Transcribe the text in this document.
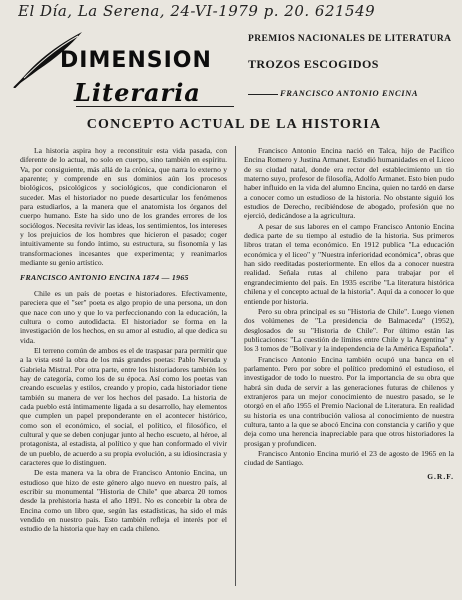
El Día, La Serena, 24-VI-1979 p. 20. 621549
DIMENSION
Literaria
PREMIOS NACIONALES DE LITERATURA
TROZOS ESCOGIDOS
FRANCISCO ANTONIO ENCINA
CONCEPTO ACTUAL DE LA HISTORIA

La historia aspira hoy a reconstituir esta vida pasada, con diferente de lo actual, no solo en cuerpo, sino también en espíritu. Va, por consiguiente, más allá de la crónica, que narra lo externo y aparente; y comprende en sus dominios aún los procesos biológicos, psicológicos y sociológicos, que condicionaron el suceder. Mas el historiador no puede desarticular los fenómenos para estudiarlos, a la manera que el anatomista los órganos del cuerpo humano. Este ha sido uno de los grandes errores de los sociólogos. Necesita revivir las ideas, los sentimientos, los intereses y los prejuicios de los hombres que hicieron el pasado; coger intuitivamente su fondo íntimo, su estructura, su fisonomía y las transformaciones incesantes que experimenta; y reanimarlos mediante su genio artístico.

FRANCISCO ANTONIO ENCINA 1874 — 1965

Chile es un país de poetas e historiadores. Efectivamente, pareciera que el "ser" poeta es algo propio de una persona, un don que nace con uno y que lo va perfeccionando con la educación, la cultura o como autodidacta. El historiador se forma en la investigación de los hechos, en su amor al estudio, al que dedica su vida.

El terreno común de ambos es el de traspasar para permitir que a la vista esté la obra de los más grandes poetas: Pablo Neruda y Gabriela Mistral. Por otra parte, entre los historiadores también los hay de categoría, como los de su época. Así como los poetas van creando escuelas y estilos, creando y propio, cada historiador tiene también su manera de ver los hechos del pasado. La historia de cada pueblo está íntimamente ligada a su desarrollo, hay elementos que cumplen un papel preponderante en el acontecer histórico, como son el económico, el social, el político, el filosófico, el cultural y que se deben conjugar junto al hecho escueto, al héroe, al protagonista, al estadista, al político y que han conformado el vivir de un pueblo, de acuerdo a su propia evolución, a su idiosincrasia y caracteres que lo distinguen.

De esta manera va la obra de Francisco Antonio Encina, un estudioso que hizo de este género algo nuevo en nuestro país, al escribir su monumental "Historia de Chile" que abarca 20 tomos desde la prehistoria hasta el año 1891. No es concebir la obra de Encina como un libro que, según las estadísticas, ha sido el más vendido en nuestro país. Esto también refleja el interés por el estudio de la historia que hay en cada chileno.

Francisco Antonio Encina nació en Talca, hijo de Pacífico Encina Romero y Justina Armanet. Estudió humanidades en el Liceo de su ciudad natal, donde era rector del establecimiento un tío materno suyo, profesor de filosofía, Adolfo Armanet. Esto bien pudo haber influido en la vida del alumno Encina, quien no tardó en darse a conocer como un estudioso de la historia. No obstante siguió los estudios de Derecho, recibiéndose de abogado, profesión que no ejerció, dedicándose a la agricultura.

A pesar de sus labores en el campo Francisco Antonio Encina dedica parte de su tiempo al estudio de la historia. Sus primeros libros tratan el tema económico. En 1912 publica "La educación económica y el liceo" y "Nuestra inferioridad económica", obras que han sido reeditadas posteriormente. En ellos da a conocer nuestra realidad. Señala rutas al chileno para trabajar por el engrandecimiento del país. En 1935 escribe "La literatura histórica chilena y el concepto actual de la historia". Aquí da a conocer lo que entiende por historia.

Pero su obra principal es su "Historia de Chile". Luego vienen dos volúmenes de "La presidencia de Balmaceda" (1952), desglosados de su "Historia de Chile". Por último están las publicaciones: "La cuestión de límites entre Chile y la Argentina" y los 3 tomos de "Bolívar y la independencia de la América Española".

Francisco Antonio Encina también ocupó una banca en el parlamento. Pero por sobre el político predominó el estudioso, el investigador de todo lo nuestro. Por la importancia de su obra que habrá sin duda de servir a las generaciones futuras de chilenos y extranjeros para un mejor conocimiento de nuestro pasado, se le otorgó en el año 1955 el Premio Nacional de Literatura. En realidad su historia es una contribución valiosa al conocimiento de nuestra cultura, tanto a la que se abocó Encina con constancia y cariño y que deja como una herencia inapreciable para que otros historiadores la prosigan y profundicen.

Francisco Antonio Encina murió el 23 de agosto de 1965 en la ciudad de Santiago.

G.R.F.
